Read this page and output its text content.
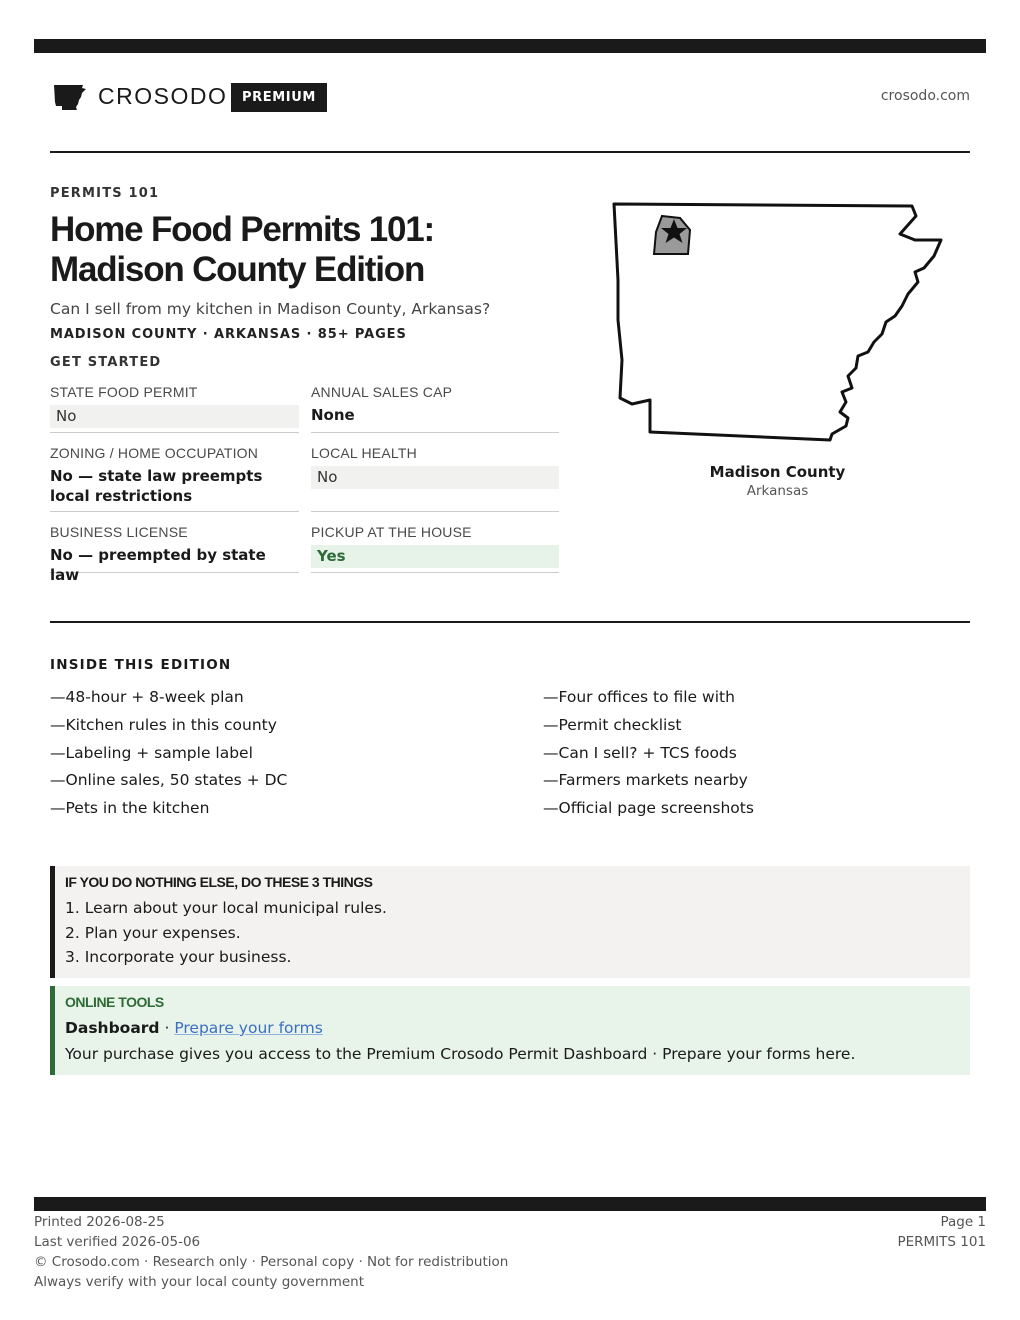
CROSODO	PREMIUM	crosodo.com
PERMITS 101
Home Food Permits 101:
Madison County Edition
Can I sell from my kitchen in Madison County, Arkansas?
MADISON COUNTY · ARKANSAS · 85+ PAGES
GET STARTED
STATE FOOD PERMIT
No
ANNUAL SALES CAP
None
ZONING / HOME OCCUPATION
No — state law preempts local restrictions
LOCAL HEALTH
No
BUSINESS LICENSE
No — preempted by state law
PICKUP AT THE HOUSE
Yes
Madison County
Arkansas
INSIDE THIS EDITION
—48-hour + 8-week plan
—Kitchen rules in this county
—Labeling + sample label
—Online sales, 50 states + DC
—Pets in the kitchen
—Four offices to file with
—Permit checklist
—Can I sell? + TCS foods
—Farmers markets nearby
—Official page screenshots
IF YOU DO NOTHING ELSE, DO THESE 3 THINGS
1. Learn about your local municipal rules.
2. Plan your expenses.
3. Incorporate your business.
ONLINE TOOLS
Dashboard · Prepare your forms
Your purchase gives you access to the Premium Crosodo Permit Dashboard · Prepare your forms here.
Printed 2026-08-25
Last verified 2026-05-06
© Crosodo.com · Research only · Personal copy · Not for redistribution
Always verify with your local county government
Page 1
PERMITS 101
